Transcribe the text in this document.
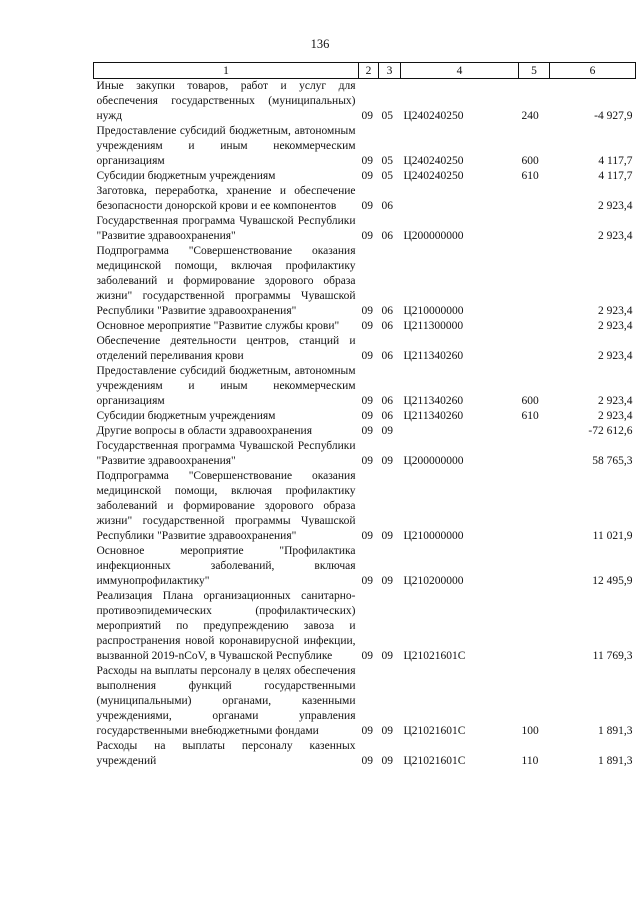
136
1	2	3	4	5	6
Иные закупки товаров, работ и услуг для обеспечения государственных (муниципальных) нужд	09	05	Ц240240250	240	-4 927,9
Предоставление субсидий бюджетным, автономным учреждениям и иным некоммерческим организациям	09	05	Ц240240250	600	4 117,7
Субсидии бюджетным учреждениям	09	05	Ц240240250	610	4 117,7
Заготовка, переработка, хранение и обеспечение безопасности донорской крови и ее компонентов	09	06			2 923,4
Государственная программа Чувашской Республики "Развитие здравоохранения"	09	06	Ц200000000		2 923,4
Подпрограмма "Совершенствование оказания медицинской помощи, включая профилактику заболеваний и формирование здорового образа жизни" государственной программы Чувашской Республики "Развитие здравоохранения"	09	06	Ц210000000		2 923,4
Основное мероприятие "Развитие службы крови"	09	06	Ц211300000		2 923,4
Обеспечение деятельности центров, станций и отделений переливания крови	09	06	Ц211340260		2 923,4
Предоставление субсидий бюджетным, автономным учреждениям и иным некоммерческим организациям	09	06	Ц211340260	600	2 923,4
Субсидии бюджетным учреждениям	09	06	Ц211340260	610	2 923,4
Другие вопросы в области здравоохранения	09	09			-72 612,6
Государственная программа Чувашской Республики "Развитие здравоохранения"	09	09	Ц200000000		58 765,3
Подпрограмма "Совершенствование оказания медицинской помощи, включая профилактику заболеваний и формирование здорового образа жизни" государственной программы Чувашской Республики "Развитие здравоохранения"	09	09	Ц210000000		11 021,9
Основное мероприятие "Профилактика инфекционных заболеваний, включая иммунопрофилактику"	09	09	Ц210200000		12 495,9
Реализация Плана организационных санитарно-противоэпидемических (профилактических) мероприятий по предупреждению завоза и распространения новой коронавирусной инфекции, вызванной 2019-nCoV, в Чувашской Республике	09	09	Ц21021601С		11 769,3
Расходы на выплаты персоналу в целях обеспечения выполнения функций государственными (муниципальными) органами, казенными учреждениями, органами управления государственными внебюджетными фондами	09	09	Ц21021601С	100	1 891,3
Расходы на выплаты персоналу казенных учреждений	09	09	Ц21021601С	110	1 891,3
